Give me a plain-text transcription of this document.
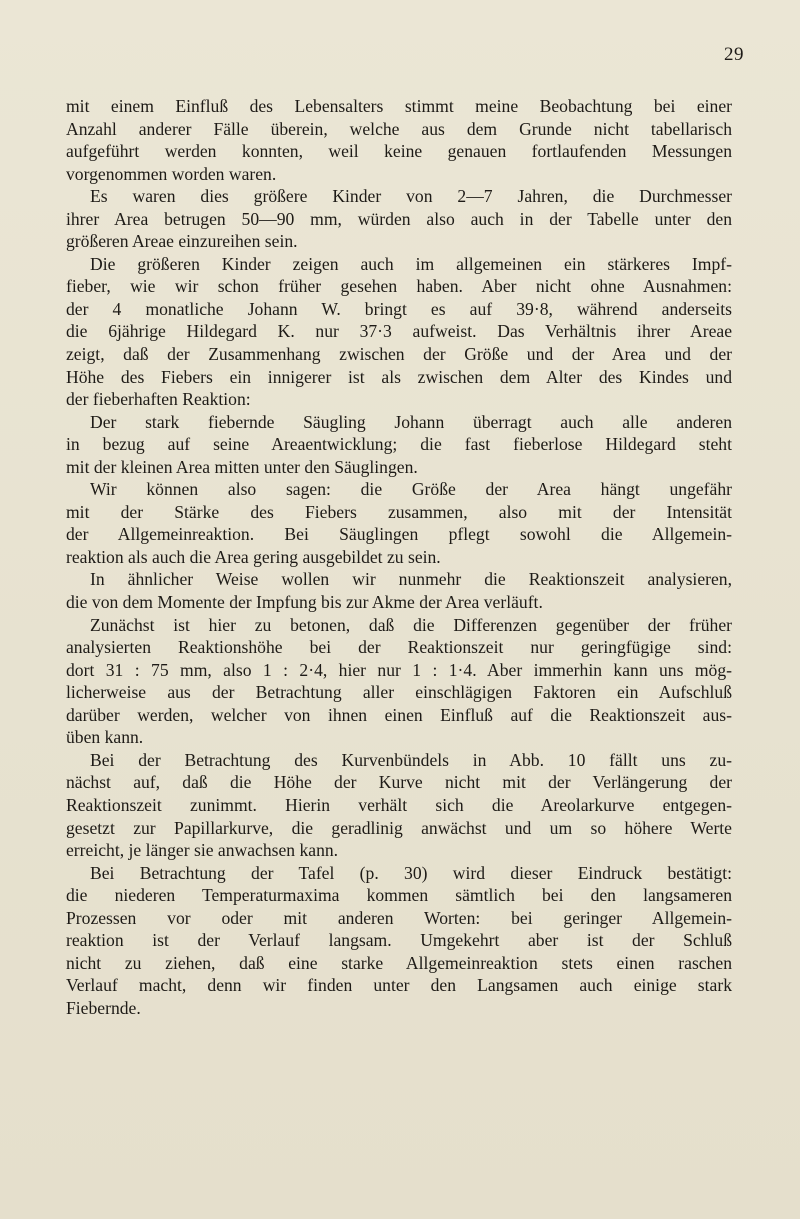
29
mit einem Einfluß des Lebensalters stimmt meine Beobachtung bei einer
Anzahl anderer Fälle überein, welche aus dem Grunde nicht tabellarisch
aufgeführt werden konnten, weil keine genauen fortlaufenden Messungen
vorgenommen worden waren.
Es waren dies größere Kinder von 2—7 Jahren, die Durchmesser
ihrer Area betrugen 50—90 mm, würden also auch in der Tabelle unter den
größeren Areae einzureihen sein.
Die größeren Kinder zeigen auch im allgemeinen ein stärkeres Impf-
fieber, wie wir schon früher gesehen haben. Aber nicht ohne Ausnahmen:
der 4 monatliche Johann W. bringt es auf 39·8, während anderseits
die 6jährige Hildegard K. nur 37·3 aufweist. Das Verhältnis ihrer Areae
zeigt, daß der Zusammenhang zwischen der Größe und der Area und der
Höhe des Fiebers ein innigerer ist als zwischen dem Alter des Kindes und
der fieberhaften Reaktion:
Der stark fiebernde Säugling Johann überragt auch alle anderen
in bezug auf seine Areaentwicklung; die fast fieberlose Hildegard steht
mit der kleinen Area mitten unter den Säuglingen.
Wir können also sagen: die Größe der Area hängt ungefähr
mit der Stärke des Fiebers zusammen, also mit der Intensität
der Allgemeinreaktion. Bei Säuglingen pflegt sowohl die Allgemein-
reaktion als auch die Area gering ausgebildet zu sein.
In ähnlicher Weise wollen wir nunmehr die Reaktionszeit analysieren,
die von dem Momente der Impfung bis zur Akme der Area verläuft.
Zunächst ist hier zu betonen, daß die Differenzen gegenüber der früher
analysierten Reaktionshöhe bei der Reaktionszeit nur geringfügige sind:
dort 31 : 75 mm, also 1 : 2·4, hier nur 1 : 1·4. Aber immerhin kann uns mög-
licherweise aus der Betrachtung aller einschlägigen Faktoren ein Aufschluß
darüber werden, welcher von ihnen einen Einfluß auf die Reaktionszeit aus-
üben kann.
Bei der Betrachtung des Kurvenbündels in Abb. 10 fällt uns zu-
nächst auf, daß die Höhe der Kurve nicht mit der Verlängerung der
Reaktionszeit zunimmt. Hierin verhält sich die Areolarkurve entgegen-
gesetzt zur Papillarkurve, die geradlinig anwächst und um so höhere Werte
erreicht, je länger sie anwachsen kann.
Bei Betrachtung der Tafel (p. 30) wird dieser Eindruck bestätigt:
die niederen Temperaturmaxima kommen sämtlich bei den langsameren
Prozessen vor oder mit anderen Worten: bei geringer Allgemein-
reaktion ist der Verlauf langsam. Umgekehrt aber ist der Schluß
nicht zu ziehen, daß eine starke Allgemeinreaktion stets einen raschen
Verlauf macht, denn wir finden unter den Langsamen auch einige stark
Fiebernde.
